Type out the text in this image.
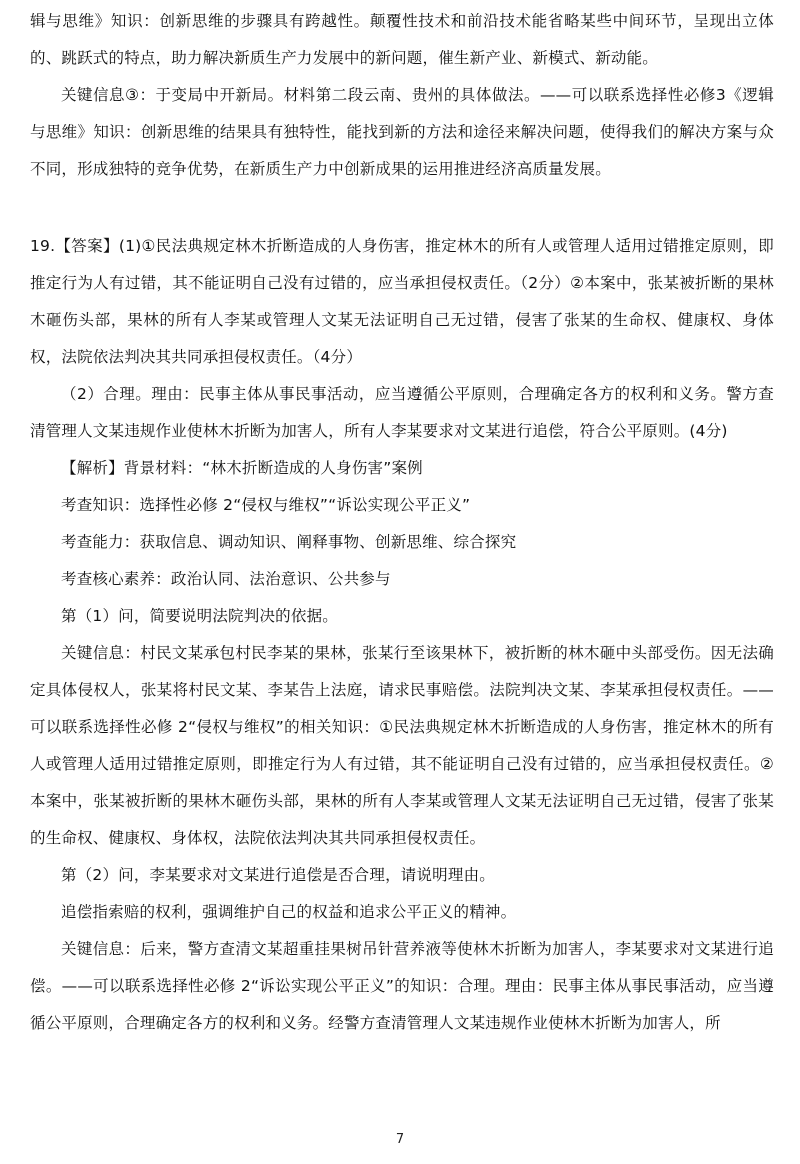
辑与思维》知识：创新思维的步骤具有跨越性。颠覆性技术和前沿技术能省略某些中间环节，呈现出立体的、跳跃式的特点，助力解决新质生产力发展中的新问题，催生新产业、新模式、新动能。

关键信息③：于变局中开新局。材料第二段云南、贵州的具体做法。——可以联系选择性必修3《逻辑与思维》知识：创新思维的结果具有独特性，能找到新的方法和途径来解决问题，使得我们的解决方案与众不同，形成独特的竞争优势，在新质生产力中创新成果的运用推进经济高质量发展。

19.【答案】(1)①民法典规定林木折断造成的人身伤害，推定林木的所有人或管理人适用过错推定原则，即推定行为人有过错，其不能证明自己没有过错的，应当承担侵权责任。（2分）②本案中，张某被折断的果林木砸伤头部，果林的所有人李某或管理人文某无法证明自己无过错，侵害了张某的生命权、健康权、身体权，法院依法判决其共同承担侵权责任。（4分）

（2）合理。理由：民事主体从事民事活动，应当遵循公平原则，合理确定各方的权利和义务。警方查清管理人文某违规作业使林木折断为加害人，所有人李某要求对文某进行追偿，符合公平原则。(4分)

【解析】背景材料：“林木折断造成的人身伤害”案例

考查知识：选择性必修 2“侵权与维权”“诉讼实现公平正义”

考查能力：获取信息、调动知识、阐释事物、创新思维、综合探究

考查核心素养：政治认同、法治意识、公共参与

第（1）问，简要说明法院判决的依据。

关键信息：村民文某承包村民李某的果林，张某行至该果林下，被折断的林木砸中头部受伤。因无法确定具体侵权人，张某将村民文某、李某告上法庭，请求民事赔偿。法院判决文某、李某承担侵权责任。——可以联系选择性必修 2“侵权与维权”的相关知识：①民法典规定林木折断造成的人身伤害，推定林木的所有人或管理人适用过错推定原则，即推定行为人有过错，其不能证明自己没有过错的，应当承担侵权责任。②本案中，张某被折断的果林木砸伤头部，果林的所有人李某或管理人文某无法证明自己无过错，侵害了张某的生命权、健康权、身体权，法院依法判决其共同承担侵权责任。

第（2）问，李某要求对文某进行追偿是否合理，请说明理由。

追偿指索赔的权利，强调维护自己的权益和追求公平正义的精神。

关键信息：后来，警方查清文某超重挂果树吊针营养液等使林木折断为加害人，李某要求对文某进行追偿。——可以联系选择性必修 2“诉讼实现公平正义”的知识：合理。理由：民事主体从事民事活动，应当遵循公平原则，合理确定各方的权利和义务。经警方查清管理人文某违规作业使林木折断为加害人，所

7
